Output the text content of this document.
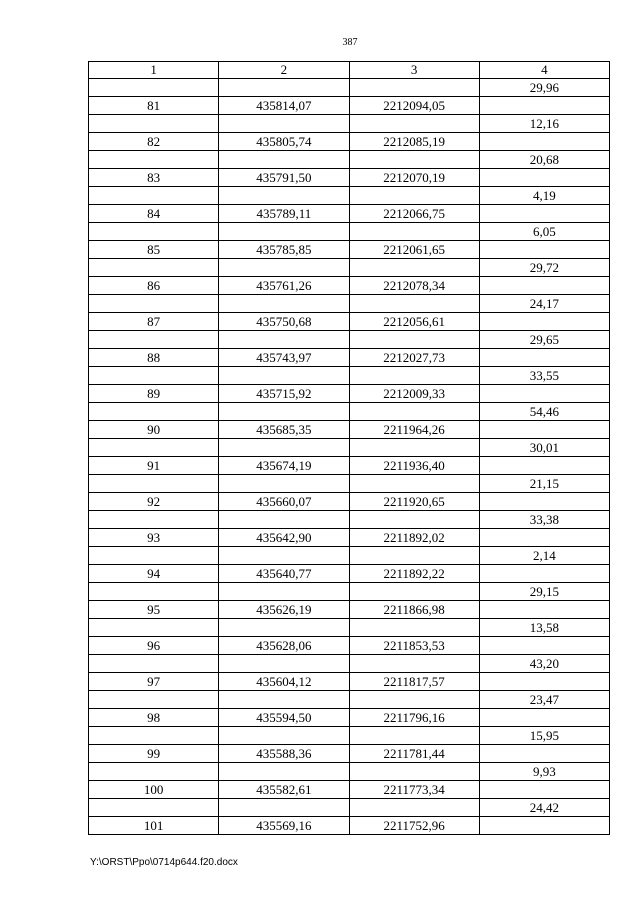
387
1	2	3	4
			29,96
81	435814,07	2212094,05	
			12,16
82	435805,74	2212085,19	
			20,68
83	435791,50	2212070,19	
			4,19
84	435789,11	2212066,75	
			6,05
85	435785,85	2212061,65	
			29,72
86	435761,26	2212078,34	
			24,17
87	435750,68	2212056,61	
			29,65
88	435743,97	2212027,73	
			33,55
89	435715,92	2212009,33	
			54,46
90	435685,35	2211964,26	
			30,01
91	435674,19	2211936,40	
			21,15
92	435660,07	2211920,65	
			33,38
93	435642,90	2211892,02	
			2,14
94	435640,77	2211892,22	
			29,15
95	435626,19	2211866,98	
			13,58
96	435628,06	2211853,53	
			43,20
97	435604,12	2211817,57	
			23,47
98	435594,50	2211796,16	
			15,95
99	435588,36	2211781,44	
			9,93
100	435582,61	2211773,34	
			24,42
101	435569,16	2211752,96	
Y:\ORST\Ppo\0714p644.f20.docx
